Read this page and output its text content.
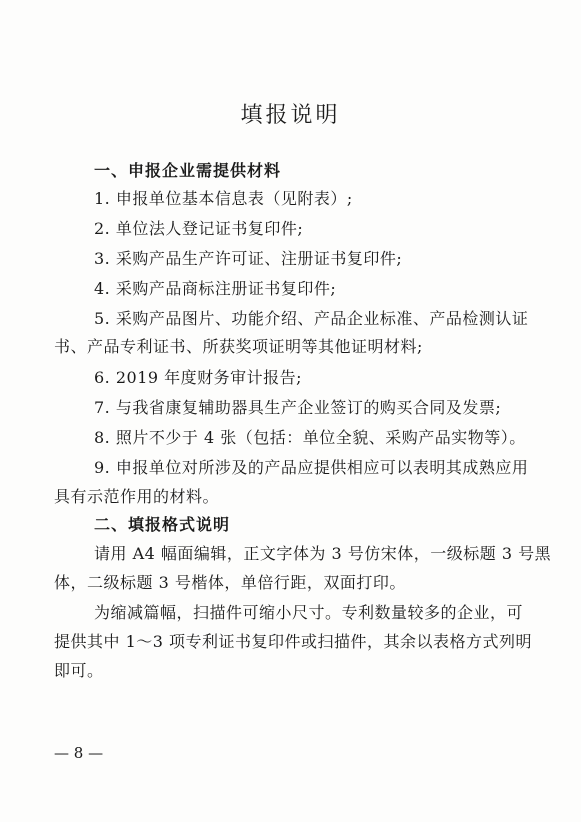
填报说明
一、申报企业需提供材料
1. 申报单位基本信息表（见附表）;
2. 单位法人登记证书复印件;
3. 采购产品生产许可证、注册证书复印件;
4. 采购产品商标注册证书复印件;
5. 采购产品图片、功能介绍、产品企业标准、产品检测认证
书、产品专利证书、所获奖项证明等其他证明材料;
6. 2019 年度财务审计报告;
7. 与我省康复辅助器具生产企业签订的购买合同及发票;
8. 照片不少于 4 张（包括：单位全貌、采购产品实物等）。
9. 申报单位对所涉及的产品应提供相应可以表明其成熟应用
具有示范作用的材料。
二、填报格式说明
请用 A4 幅面编辑，正文字体为 3 号仿宋体，一级标题 3 号黑
体，二级标题 3 号楷体，单倍行距，双面打印。
为缩减篇幅，扫描件可缩小尺寸。专利数量较多的企业，可
提供其中 1～3 项专利证书复印件或扫描件，其余以表格方式列明
即可。
— 8 —
